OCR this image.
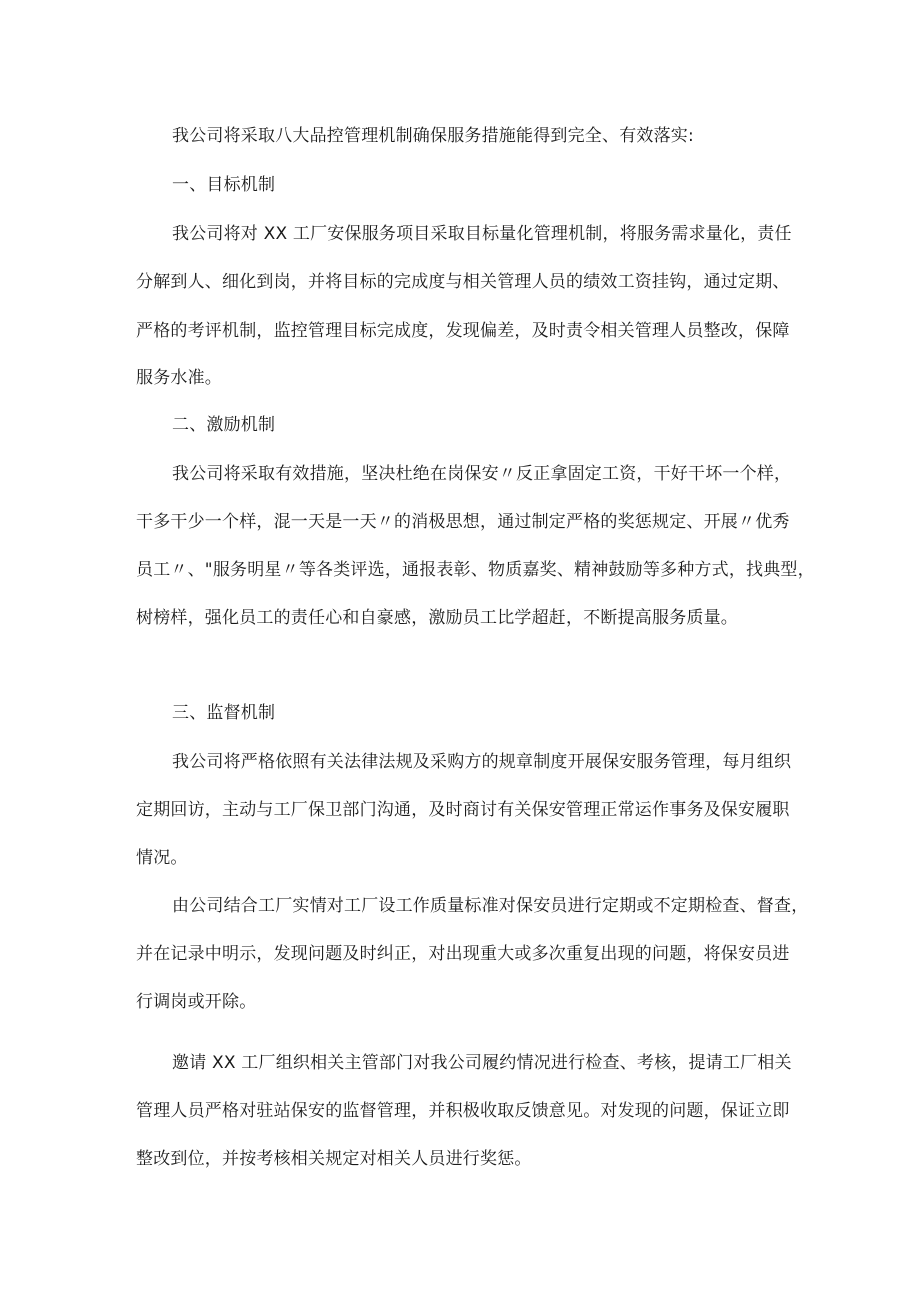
我公司将采取八大品控管理机制确保服务措施能得到完全、有效落实:
一、目标机制
我公司将对 XX 工厂安保服务项目采取目标量化管理机制，将服务需求量化，责任
分解到人、细化到岗，并将目标的完成度与相关管理人员的绩效工资挂钩，通过定期、
严格的考评机制，监控管理目标完成度，发现偏差，及时责令相关管理人员整改，保障
服务水准。
二、激励机制
我公司将采取有效措施，坚决杜绝在岗保安〃反正拿固定工资，干好干坏一个样，
干多干少一个样，混一天是一天〃的消极思想，通过制定严格的奖惩规定、开展〃优秀
员工〃、"服务明星〃等各类评选，通报表彰、物质嘉奖、精神鼓励等多种方式，找典型，
树榜样，强化员工的责任心和自豪感，激励员工比学超赶，不断提高服务质量。
三、监督机制
我公司将严格依照有关法律法规及采购方的规章制度开展保安服务管理，每月组织
定期回访，主动与工厂保卫部门沟通，及时商讨有关保安管理正常运作事务及保安履职
情况。
由公司结合工厂实情对工厂设工作质量标准对保安员进行定期或不定期检查、督查，
并在记录中明示，发现问题及时纠正，对出现重大或多次重复出现的问题，将保安员进
行调岗或开除。
邀请 XX 工厂组织相关主管部门对我公司履约情况进行检查、考核，提请工厂相关
管理人员严格对驻站保安的监督管理，并积极收取反馈意见。对发现的问题，保证立即
整改到位，并按考核相关规定对相关人员进行奖惩。
